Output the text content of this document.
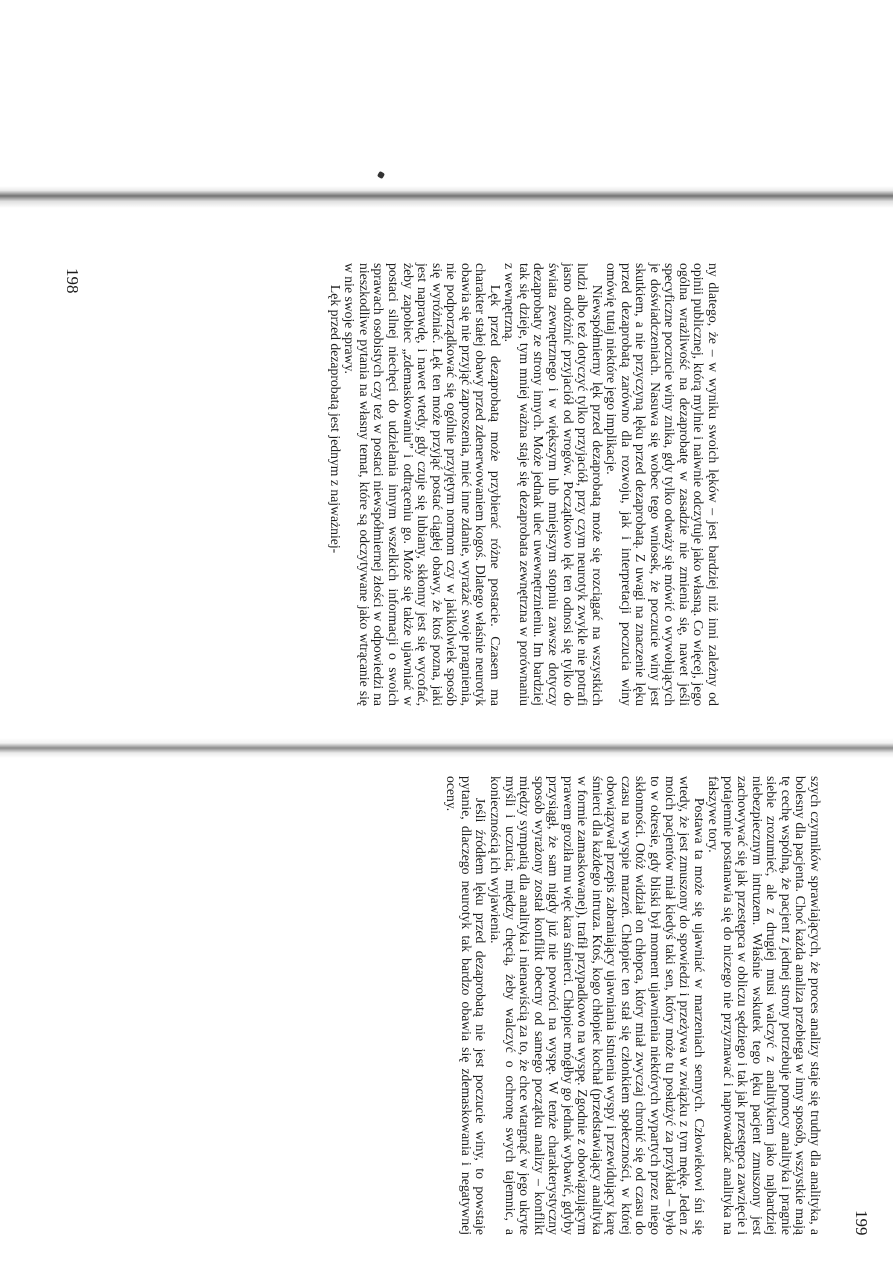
ny dlatego, że – w wyniku swoich lęków – jest bardziej niż inni zależny od opinii publicznej, którą mylnie i naiwnie odczytuje jako własną. Co więcej, jego ogólna wrażliwość na dezaprobatę w zasadzie nie zmienia się, nawet jeśli specyficzne poczucie winy znika, gdy tylko odważy się mówić o wywołujących je doświadczeniach. Nasuwa się wobec tego wniosek, że poczucie winy jest skutkiem, a nie przyczyną lęku przed dezaprobatą. Z uwagi na znaczenie lęku przed dezaprobatą zarówno dla rozwoju, jak i interpretacji poczucia winy omówię tutaj niektóre jego implikacje.

Niewspółmierny lęk przed dezaprobatą może się rozciągać na wszystkich ludzi albo też dotyczyć tylko przyjaciół, przy czym neurotyk zwykle nie potrafi jasno odróżnić przyjaciół od wrogów. Początkowo lęk ten odnosi się tylko do świata zewnętrznego i w większym lub mniejszym stopniu zawsze dotyczy dezaprobaty ze strony innych. Może jednak ulec uwewnętrznieniu. Im bardziej tak się dzieje, tym mniej ważna staje się dezaprobata zewnętrzna w porównaniu z wewnętrzną.

Lęk przed dezaprobatą może przybierać różne postacie. Czasem ma charakter stałej obawy przed zdenerwowaniem kogoś. Dlatego właśnie neurotyk obawia się nie przyjąć zaproszenia, mieć inne zdanie, wyrażać swoje pragnienia, nie podporządkować się ogólnie przyjętym normom czy w jakikolwiek sposób się wyróżniać. Lęk ten może przyjąć postać ciągłej obawy, że ktoś pozna, jaki jest naprawdę, i nawet wtedy, gdy czuje się lubiany, skłonny jest się wycofać, żeby zapobiec „zdemaskowaniu” i odtrąceniu go. Może się także ujawniać w postaci silnej niechęci do udzielania innym wszelkich informacji o swoich sprawach osobistych czy też w postaci niewspółmiernej złości w odpowiedzi na nieszkodliwe pytania na własny temat, które są odczytywane jako wtrącanie się w nie swoje sprawy.

Lęk przed dezaprobatą jest jednym z najważniej-

198

szych czynników sprawiających, że proces analizy staje się trudny dla analityka, a bolesny dla pacjenta. Choć każda analiza przebiega w inny sposób, wszystkie mają tę cechę wspólną, że pacjent z jednej strony potrzebuje pomocy analityka i pragnie siebie zrozumieć, ale z drugiej musi walczyć z analitykiem jako najbardziej niebezpiecznym intruzem. Właśnie wskutek tego lęku pacjent zmuszony jest zachowywać się jak przestępca w obliczu sędziego i tak jak przestępca zawzięcie i potajemnie postanawia się do niczego nie przyznawać i naprowadzać analityka na fałszywe tory.

Postawa ta może się ujawniać w marzeniach sennych. Człowiekowi śni się wtedy, że jest zmuszony do spowiedzi i przeżywa w związku z tym mękę. Jeden z moich pacjentów miał kiedyś taki sen, który może tu posłużyć za przykład – było to w okresie, gdy bliski był moment ujawnienia niektórych wypartych przez niego skłonności. Otóż widział on chłopca, który miał zwyczaj chronić się od czasu do czasu na wyspie marzeń. Chłopiec ten stał się członkiem społeczności, w której obowiązywał przepis zabraniający ujawniania istnienia wyspy i przewidujący karę śmierci dla każdego intruza. Ktoś, kogo chłopiec kochał (przedstawiający analityka w formie zamaskowanej), trafił przypadkowo na wyspę. Zgodnie z obowiązującym prawem groziła mu więc kara śmierci. Chłopiec mógłby go jednak wybawić, gdyby przysiągł, że sam nigdy już nie powróci na wyspę. W tenże charakterystyczny sposób wyrażony został konflikt obecny od samego początku analizy – konflikt między sympatią dla analityka i nienawiścią za to, że chce wtargnąć w jego ukryte myśli i uczucia; między chęcią, żeby walczyć o ochronę swych tajemnic, a koniecznością ich wyjawienia.

Jeśli źródłem lęku przed dezaprobatą nie jest poczucie winy, to powstaje pytanie, dlaczego neurotyk tak bardzo obawia się zdemaskowania i negatywnej oceny.

199
